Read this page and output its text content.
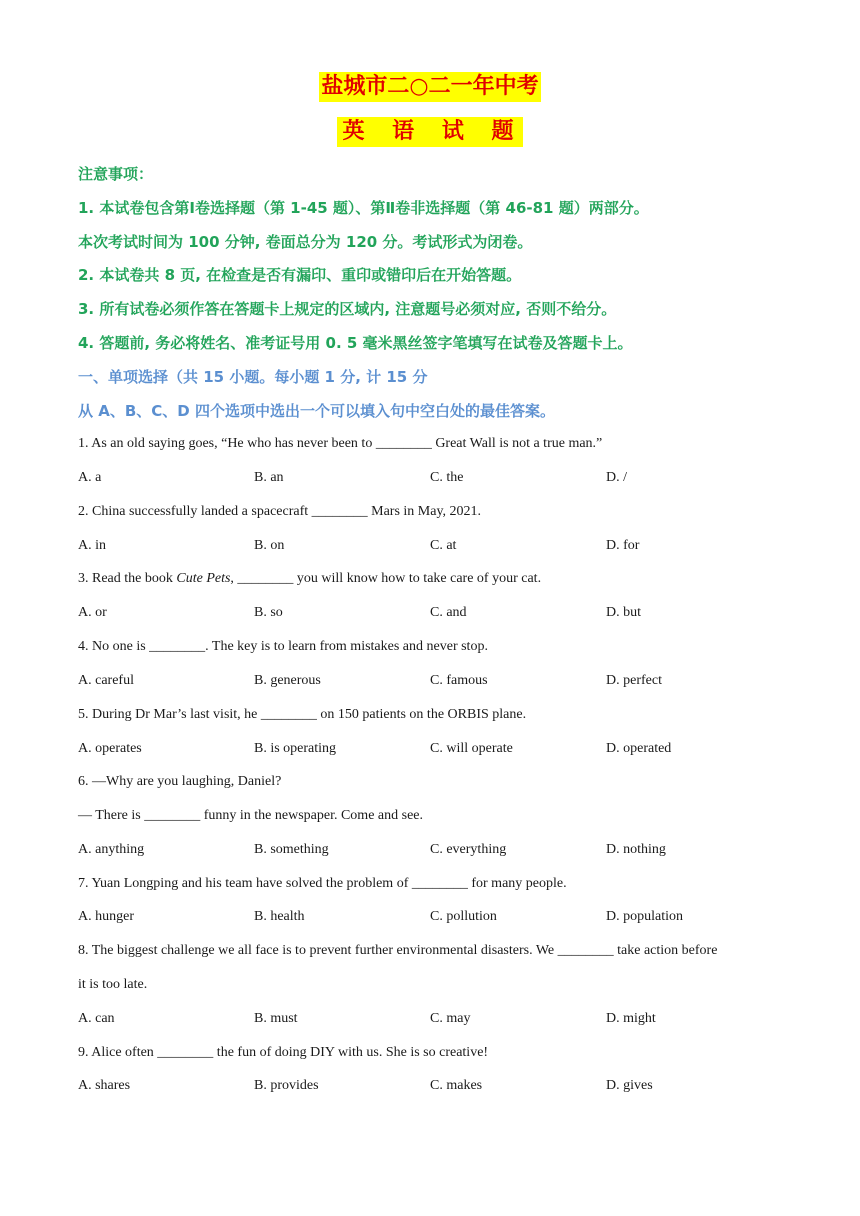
盐城市二○二一年中考
英 语 试 题
注意事项：
1. 本试卷包含第Ⅰ卷选择题（第 1-45 题）、第Ⅱ卷非选择题（第 46-81 题）两部分。
本次考试时间为 100 分钟, 卷面总分为 120 分。考试形式为闭卷。
2. 本试卷共 8 页, 在检查是否有漏印、重印或错印后在开始答题。
3. 所有试卷必须作答在答题卡上规定的区域内, 注意题号必须对应, 否则不给分。
4. 答题前, 务必将姓名、准考证号用 0. 5 毫米黑丝签字笔填写在试卷及答题卡上。
一、单项选择（共 15 小题。每小题 1 分, 计 15 分
从 A、B、C、D 四个选项中选出一个可以填入句中空白处的最佳答案。
1. As an old saying goes, “He who has never been to ________ Great Wall is not a true man.”
A. a	B. an	C. the	D. /
2. China successfully landed a spacecraft ________ Mars in May, 2021.
A. in	B. on	C. at	D. for
3. Read the book Cute Pets, ________ you will know how to take care of your cat.
A. or	B. so	C. and	D. but
4. No one is ________. The key is to learn from mistakes and never stop.
A. careful	B. generous	C. famous	D. perfect
5. During Dr Mar’s last visit, he ________ on 150 patients on the ORBIS plane.
A. operates	B. is operating	C. will operate	D. operated
6. —Why are you laughing, Daniel?
— There is ________ funny in the newspaper. Come and see.
A. anything	B. something	C. everything	D. nothing
7. Yuan Longping and his team have solved the problem of ________ for many people.
A. hunger	B. health	C. pollution	D. population
8. The biggest challenge we all face is to prevent further environmental disasters. We ________ take action before
it is too late.
A. can	B. must	C. may	D. might
9. Alice often ________ the fun of doing DIY with us. She is so creative!
A. shares	B. provides	C. makes	D. gives
